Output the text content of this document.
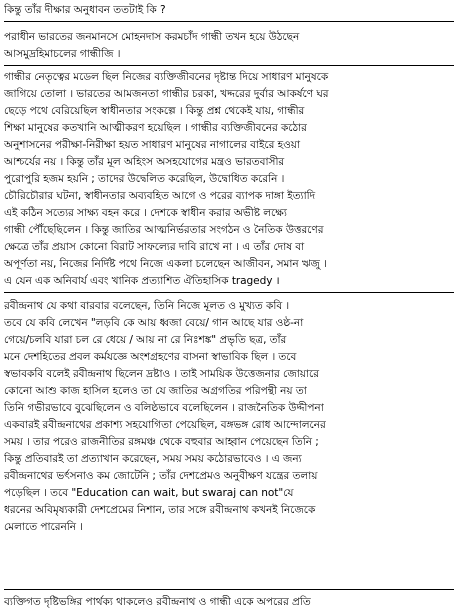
কিন্তু তাঁর দীক্ষার অনুধাবন ততটাই কি ?
পরাধীন ভারতের জনমানসে মোহনদাস করমচাঁদ গান্ধী তখন হয়ে উঠছেন
আসমুদ্রহিমাচলের গান্ধীজি ।
গান্ধীর নেতৃত্বের মডেল ছিল নিজের ব্যক্তিজীবনের দৃষ্টান্ত দিয়ে সাধারণ মানুষকে
জাগিয়ে তোলা । ভারতের আমজনতা গান্ধীর চরকা, খদ্দরের দুর্বার আকর্ষণে ঘর
ছেড়ে পথে বেরিয়েছিল স্বাধীনতার সংকল্পে । কিন্তু প্রশ্ন থেকেই যায়, গান্ধীর
শিক্ষা মানুষের কতখানি আত্মীকরণ হয়েছিল । গান্ধীর ব্যক্তিজীবনের কঠোর
অনুশাসনের পরীক্ষা-নিরীক্ষা হয়ত সাধারণ মানুষের নাগালের বাইরে হওয়া
আশ্চর্যের নয় । কিন্তু তাঁর মূল অহিংস অসহযোগের মন্ত্রও ভারতবাসীর
পুরোপুরি হজম হয়নি ; তাদের উদ্বেলিত করেছিল, উদ্বোধিত করেনি ।
চৌরিচৌরার ঘটনা, স্বাধীনতার অব্যবহিত আগে ও পরের ব্যাপক দাঙ্গা ইত্যাদি
এই কঠিন সত্যের সাক্ষ্য বহন করে । দেশকে স্বাধীন করার অভীষ্ট লক্ষ্যে
গান্ধী পৌঁছেছিলেন । কিন্তু জাতির আত্মনির্ভরতার সংগঠন ও নৈতিক উত্তরণের
ক্ষেত্রে তাঁর প্রয়াস কোনো বিরাট সাফল্যের দাবি রাখে না । এ তাঁর দোষ বা
অপূর্ণতা নয়, নিজের নির্দিষ্ট পথে নিজে একলা চলেছেন আজীবন, সমান ঋজু ।
এ যেন এক অনিবার্য এবং খানিক প্রত্যাশিত ঐতিহাসিক tragedy ।
রবীন্দ্রনাথ যে কথা বারবার বলেছেন, তিনি নিজে মূলত ও মুখ্যত কবি ।
তবে যে কবি লেখেন "লড়বি কে আয় ধ্বজা বেয়ে/ গান আছে যার ওষ্ঠ-না
গেয়ে/চলবি যারা চল রে ধেয়ে / আয় না রে নিঃশঙ্ক" প্রভৃতি ছত্র, তাঁর
মনে দেশহিতের প্রবল কর্মযজ্ঞে অংশগ্রহণের বাসনা স্বাভাবিক ছিল । তবে
স্বভাবকবি বলেই রবীন্দ্রনাথ ছিলেন দ্রষ্টাও । তাই সাময়িক উত্তেজনার জোয়ারে
কোনো আশু কাজ হাসিল হলেও তা যে জাতির অগ্রগতির পরিপন্থী নয় তা
তিনি গভীরভাবে বুঝেছিলেন ও বলিষ্ঠভাবে বলেছিলেন । রাজনৈতিক উদ্দীপনা
একবারই রবীন্দ্রনাথের প্রকাশ্য সহযোগিতা পেয়েছিল, বঙ্গভঙ্গ রোধ আন্দোলনের
সময় । তার পরেও রাজনীতির রঙ্গমঞ্চ থেকে বহুবার আহ্বান পেয়েছেন তিনি ;
কিন্তু প্রতিবারই তা প্রত্যাখান করেছেন, সময় সময় কঠোরভাবেও । এ জন্য
রবীন্দ্রনাথের ভর্ৎসনাও কম জোটেনি ; তাঁর দেশপ্রেমও অনুবীক্ষণ যন্ত্রের তলায়
পড়েছিল । তবে "Education can wait, but swaraj can not"যে
ধরনের অবিমৃষ্যকারী দেশপ্রেমের নিশান, তার সঙ্গে রবীন্দ্রনাথ কখনই নিজেকে
মেলাতে পারেননি ।
ব্যক্তিগত দৃষ্টিভঙ্গির পার্থক্য থাকলেও রবীন্দ্রনাথ ও গান্ধী একে অপরের প্রতি
